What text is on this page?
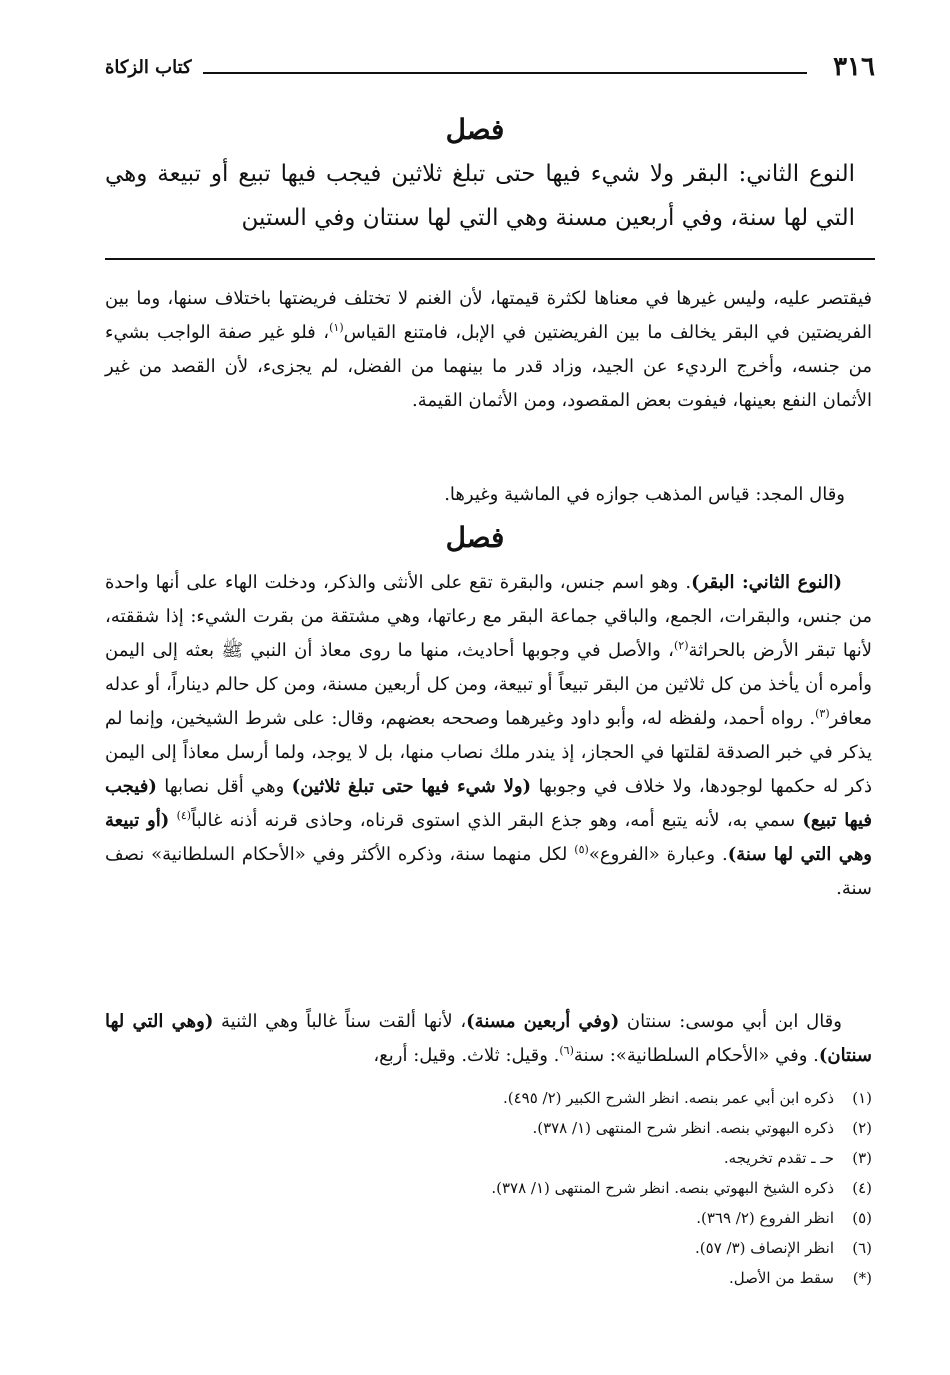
٣١٦
كتاب الزكاة
فصل
النوع الثاني: البقر ولا شيء فيها حتى تبلغ ثلاثين فيجب فيها تبيع أو تبيعة وهي التي لها سنة، وفي أربعين مسنة وهي التي لها سنتان وفي الستين

فيقتصر عليه، وليس غيرها في معناها لكثرة قيمتها، لأن الغنم لا تختلف فريضتها باختلاف سنها، وما بين الفريضتين في البقر يخالف ما بين الفريضتين في الإبل، فامتنع القياس$^{(١)}$، فلو غير صفة الواجب بشيء من جنسه، وأخرج الرديء عن الجيد، وزاد قدر ما بينهما من الفضل، لم يجزىء، لأن القصد من غير الأثمان النفع بعينها، فيفوت بعض المقصود، ومن الأثمان القيمة.

وقال المجد: قياس المذهب جوازه في الماشية وغيرها.

فصل

(النوع الثاني: البقر). وهو اسم جنس، والبقرة تقع على الأنثى والذكر، ودخلت الهاء على أنها واحدة من جنس، والبقرات، الجمع، والباقي جماعة البقر مع رعاتها، وهي مشتقة من بقرت الشيء: إذا شققته، لأنها تبقر الأرض بالحراثة$^{(٢)}$، والأصل في وجوبها أحاديث، منها ما روى معاذ أن النبي ﷺ بعثه إلى اليمن وأمره أن يأخذ من كل ثلاثين من البقر تبيعاً أو تبيعة، ومن كل أربعين مسنة، ومن كل حالم ديناراً، أو عدله معافر$^{(٣)}$. رواه أحمد، ولفظه له، وأبو داود وغيرهما وصححه بعضهم، وقال: على شرط الشيخين، وإنما لم يذكر في خبر الصدقة لقلتها في الحجاز، إذ يندر ملك نصاب منها، بل لا يوجد، ولما أرسل معاذاً إلى اليمن ذكر له حكمها لوجودها، ولا خلاف في وجوبها (ولا شيء فيها حتى تبلغ ثلاثين) وهي أقل نصابها (فيجب فيها تبيع) سمي به، لأنه يتبع أمه، وهو جذع البقر الذي استوى قرناه، وحاذى قرنه أذنه غالباً$^{(٤)}$ (أو تبيعة وهي التي لها سنة). وعبارة «الفروع»$^{(٥)}$ لكل منهما سنة، وذكره الأكثر وفي «الأحكام السلطانية» نصف سنة.

وقال ابن أبي موسى: سنتان (وفي أربعين مسنة)، لأنها ألقت سناً غالباً وهي الثنية (وهي التي لها سنتان). وفي «الأحكام السلطانية»: سنة$^{(٦)}$. وقيل: ثلاث. وقيل: أربع،

(١)ذكره ابن أبي عمر بنصه. انظر الشرح الكبير (٢/ ٤٩٥).
(٢)ذكره البهوتي بنصه. انظر شرح المنتهى (١/ ٣٧٨).
(٣)حـ ـ تقدم تخريجه.
(٤)ذكره الشيخ البهوتي بنصه. انظر شرح المنتهى (١/ ٣٧٨).
(٥)انظر الفروع (٢/ ٣٦٩).
(٦)انظر الإنصاف (٣/ ٥٧).
(*)سقط من الأصل.
